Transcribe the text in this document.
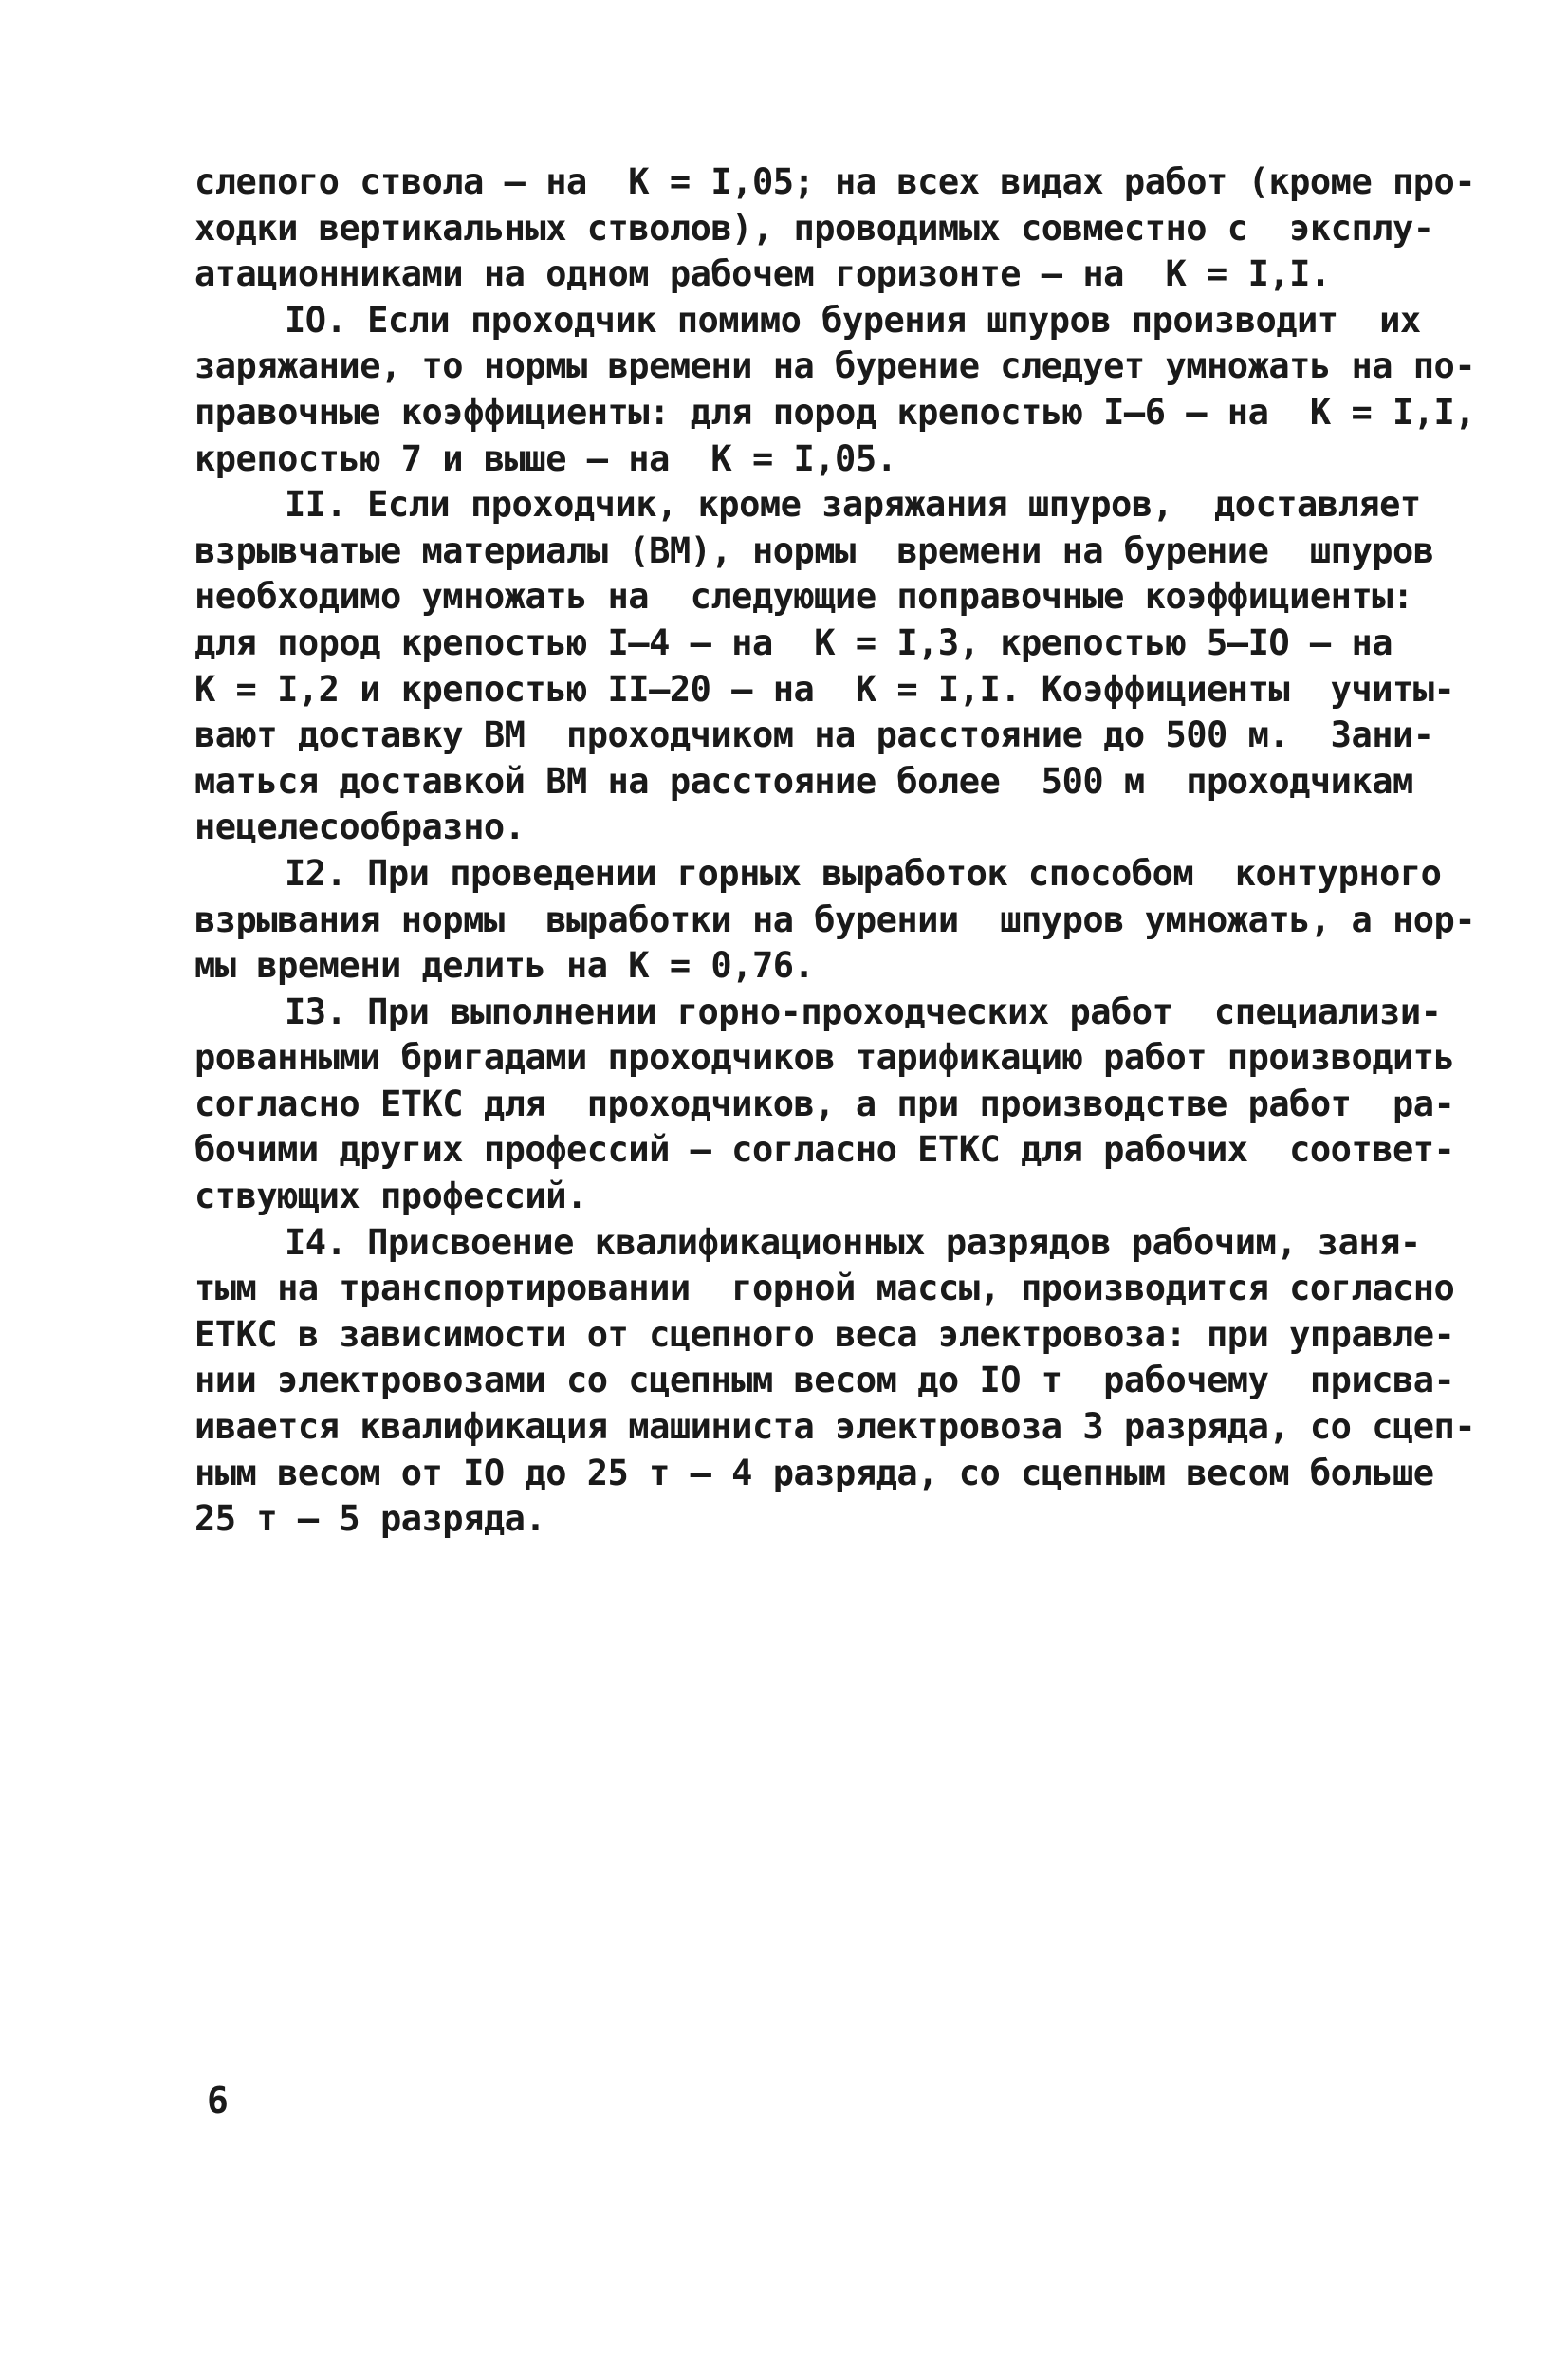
слепого ствола – на  К = I,05; на всех видах работ (кроме про-
ходки вертикальных стволов), проводимых совместно с  эксплу-
атационниками на одном рабочем горизонте – на  К = I,I.
IО. Если проходчик помимо бурения шпуров производит  их
заряжание, то нормы времени на бурение следует умножать на по-
правочные коэффициенты: для пород крепостью I–6 – на  К = I,I,
крепостью 7 и выше – на  К = I,05.
II. Если проходчик, кроме заряжания шпуров,  доставляет
взрывчатые материалы (ВМ), нормы  времени на бурение  шпуров
необходимо умножать на  следующие поправочные коэффициенты:
для пород крепостью I–4 – на  К = I,3, крепостью 5–IО – на
К = I,2 и крепостью II–20 – на  К = I,I. Коэффициенты  учиты-
вают доставку ВМ  проходчиком на расстояние до 500 м.  Зани-
маться доставкой ВМ на расстояние более  500 м  проходчикам
нецелесообразно.
I2. При проведении горных выработок способом  контурного
взрывания нормы  выработки на бурении  шпуров умножать, а нор-
мы времени делить на К = 0,76.
I3. При выполнении горно-проходческих работ  специализи-
рованными бригадами проходчиков тарификацию работ производить
согласно ЕТКС для  проходчиков, а при производстве работ  ра-
бочими других профессий – согласно ЕТКС для рабочих  соответ-
ствующих профессий.
I4. Присвоение квалификационных разрядов рабочим, заня-
тым на транспортировании  горной массы, производится согласно
ЕТКС в зависимости от сцепного веса электровоза: при управле-
нии электровозами со сцепным весом до IО т  рабочему  присва-
ивается квалификация машиниста электровоза 3 разряда, со сцеп-
ным весом от IО до 25 т – 4 разряда, со сцепным весом больше
25 т – 5 разряда.
6
